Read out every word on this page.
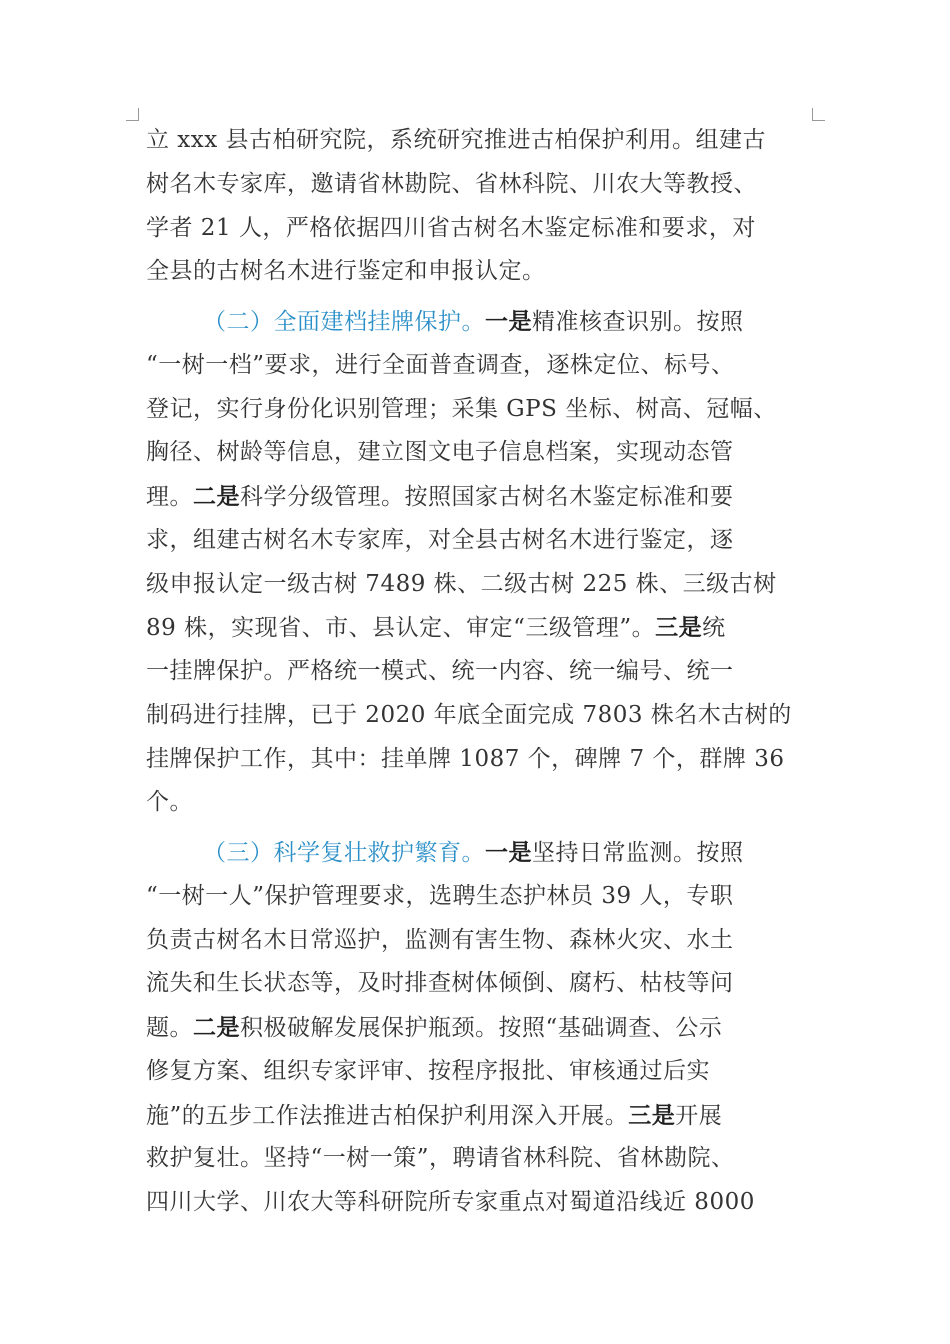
立 xxx 县古柏研究院，系统研究推进古柏保护利用。组建古
树名木专家库，邀请省林勘院、省林科院、川农大等教授、
学者 21 人，严格依据四川省古树名木鉴定标准和要求，对
全县的古树名木进行鉴定和申报认定。
（二）全面建档挂牌保护。一是精准核查识别。按照
“一树一档”要求，进行全面普查调查，逐株定位、标号、
登记，实行身份化识别管理；采集 GPS 坐标、树高、冠幅、
胸径、树龄等信息，建立图文电子信息档案，实现动态管
理。二是科学分级管理。按照国家古树名木鉴定标准和要
求，组建古树名木专家库，对全县古树名木进行鉴定，逐
级申报认定一级古树 7489 株、二级古树 225 株、三级古树
89 株，实现省、市、县认定、审定“三级管理”。三是统
一挂牌保护。严格统一模式、统一内容、统一编号、统一
制码进行挂牌，已于 2020 年底全面完成 7803 株名木古树的
挂牌保护工作，其中：挂单牌 1087 个，碑牌 7 个，群牌 36
个。
（三）科学复壮救护繁育。一是坚持日常监测。按照
“一树一人”保护管理要求，选聘生态护林员 39 人，专职
负责古树名木日常巡护，监测有害生物、森林火灾、水土
流失和生长状态等，及时排查树体倾倒、腐朽、枯枝等问
题。二是积极破解发展保护瓶颈。按照“基础调查、公示
修复方案、组织专家评审、按程序报批、审核通过后实
施”的五步工作法推进古柏保护利用深入开展。三是开展
救护复壮。坚持“一树一策”，聘请省林科院、省林勘院、
四川大学、川农大等科研院所专家重点对蜀道沿线近 8000
